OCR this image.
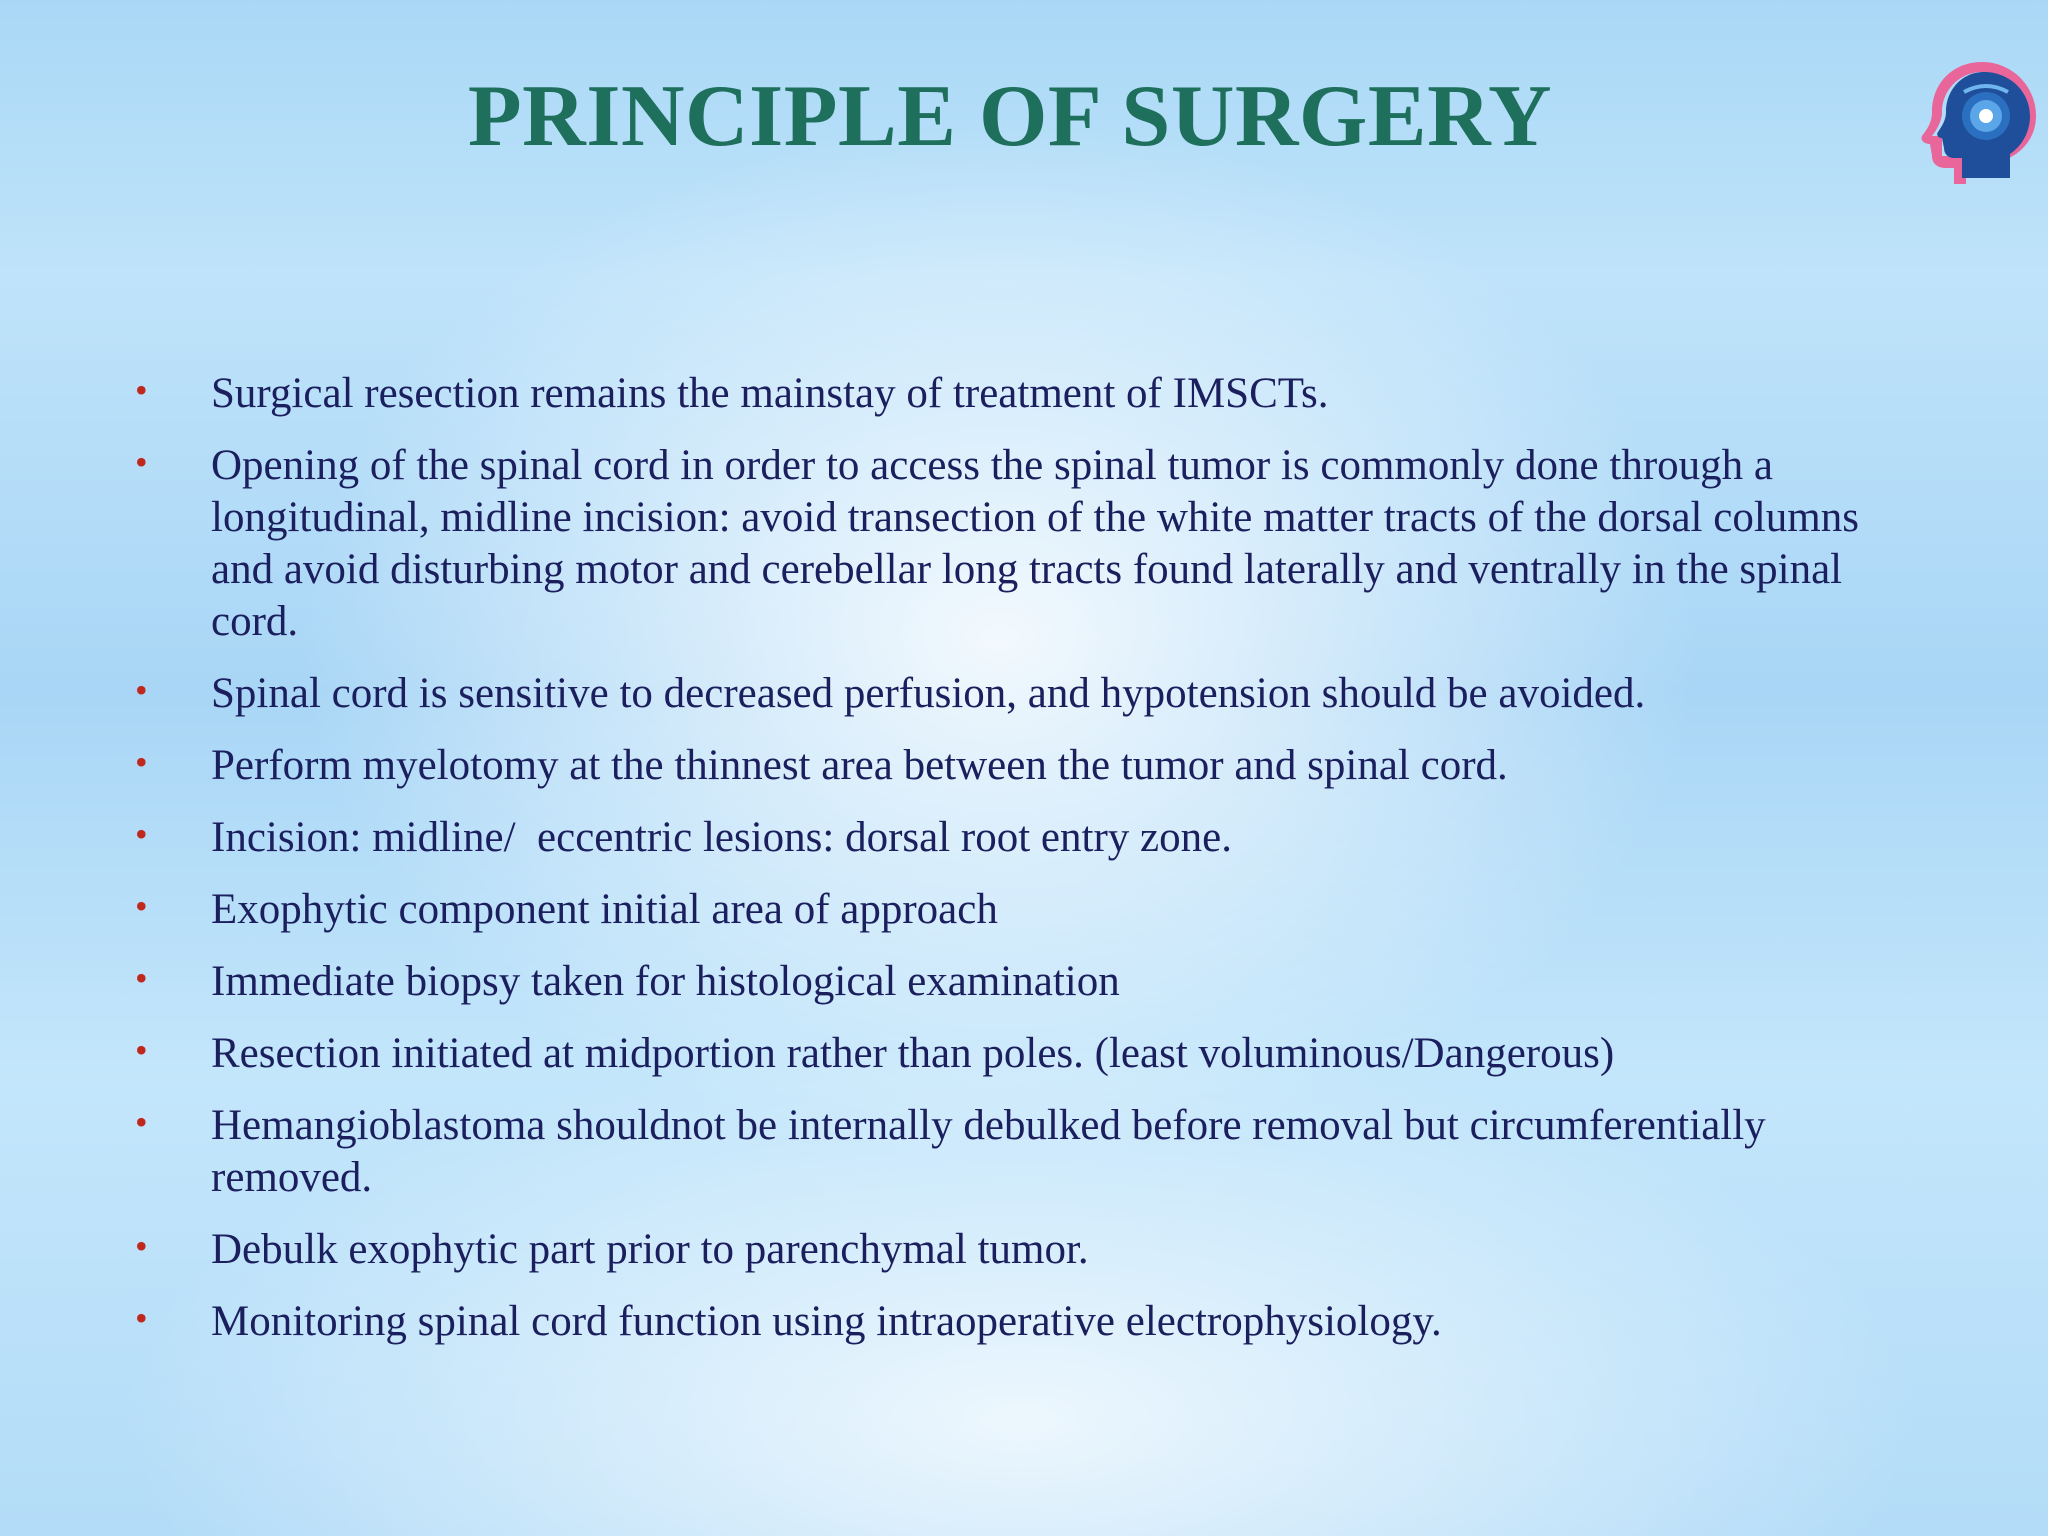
PRINCIPLE OF SURGERY
• Surgical resection remains the mainstay of treatment of IMSCTs.
• Opening of the spinal cord in order to access the spinal tumor is commonly done through a longitudinal, midline incision: avoid transection of the white matter tracts of the dorsal columns and avoid disturbing motor and cerebellar long tracts found laterally and ventrally in the spinal cord.
• Spinal cord is sensitive to decreased perfusion, and hypotension should be avoided.
• Perform myelotomy at the thinnest area between the tumor and spinal cord.
• Incision: midline/  eccentric lesions: dorsal root entry zone.
• Exophytic component initial area of approach
• Immediate biopsy taken for histological examination
• Resection initiated at midportion rather than poles. (least voluminous/Dangerous)
• Hemangioblastoma shouldnot be internally debulked before removal but circumferentially removed.
• Debulk exophytic part prior to parenchymal tumor.
• Monitoring spinal cord function using intraoperative electrophysiology.
